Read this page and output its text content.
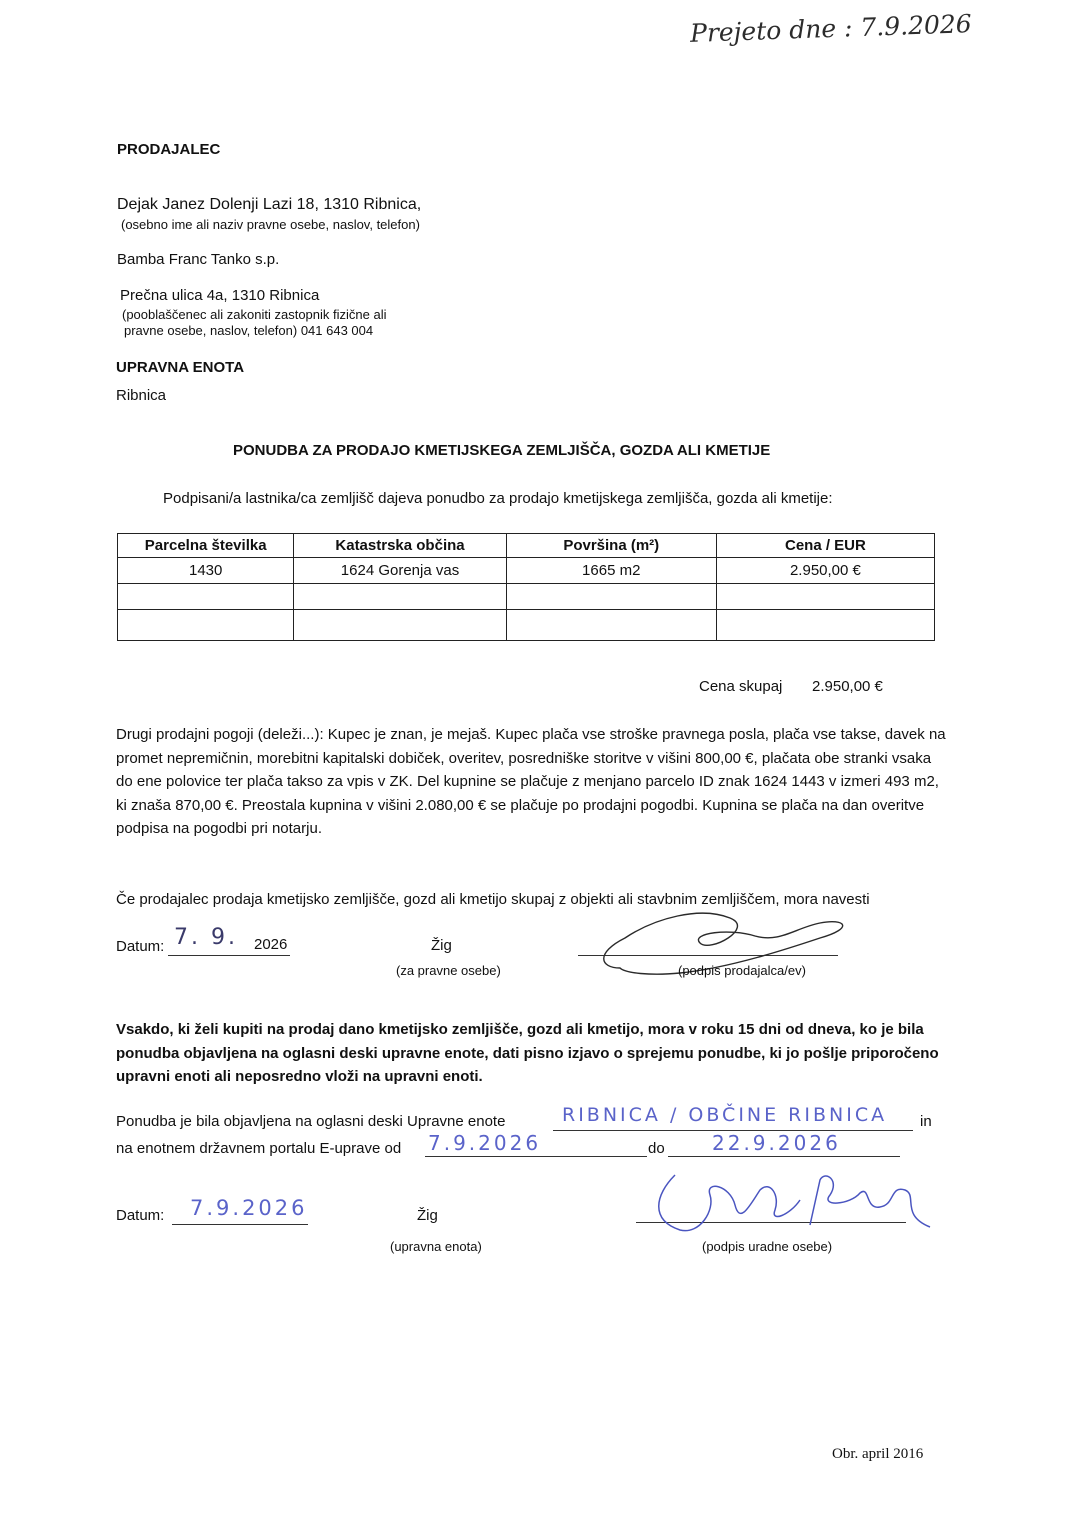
Prejeto dne : 7.9.2026
PRODAJALEC
Dejak Janez Dolenji Lazi 18, 1310 Ribnica,
(osebno ime ali naziv pravne osebe, naslov, telefon)
Bamba Franc Tanko s.p.
Prečna ulica 4a, 1310 Ribnica
(pooblaščenec ali zakoniti zastopnik fizične ali
pravne osebe, naslov, telefon) 041 643 004
UPRAVNA ENOTA
Ribnica
PONUDBA ZA PRODAJO KMETIJSKEGA ZEMLJIŠČA, GOZDA ALI KMETIJE
Podpisani/a lastnika/ca zemljišč dajeva ponudbo za prodajo kmetijskega zemljišča, gozda ali kmetije:
Parcelna številka	Katastrska občina	Površina (m²)	Cena / EUR
1430	1624 Gorenja vas	1665 m2	2.950,00 €

Cena skupaj 2.950,00 €
Drugi prodajni pogoji (deleži...): Kupec je znan, je mejaš. Kupec plača vse stroške pravnega posla, plača vse takse, davek na promet nepremičnin, morebitni kapitalski dobiček, overitev, posredniške storitve v višini 800,00 €, plačata obe stranki vsaka do ene polovice ter plača takso za vpis v ZK. Del kupnine se plačuje z menjano parcelo ID znak 1624 1443 v izmeri 493 m2, ki znaša 870,00 €. Preostala kupnina v višini 2.080,00 € se plačuje po prodajni pogodbi. Kupnina se plača na dan overitve podpisa na pogodbi pri notarju.
Če prodajalec prodaja kmetijsko zemljišče, gozd ali kmetijo skupaj z objekti ali stavbnim zemljiščem, mora navesti
Datum: 7. 9. 2026	Žig
(za pravne osebe)	(podpis prodajalca/ev)
Vsakdo, ki želi kupiti na prodaj dano kmetijsko zemljišče, gozd ali kmetijo, mora v roku 15 dni od dneva, ko je bila ponudba objavljena na oglasni deski upravne enote, dati pisno izjavo o sprejemu ponudbe, ki jo pošlje priporočeno upravni enoti ali neposredno vloži na upravni enoti.
Ponudba je bila objavljena na oglasni deski Upravne enote	RIBNICA / OBČINE RIBNICA in
na enotnem državnem portalu E-uprave od 7.9.2026	do 22.9.2026
Datum: 7.9.2026	Žig
(upravna enota)	(podpis uradne osebe)
Obr. april 2016
